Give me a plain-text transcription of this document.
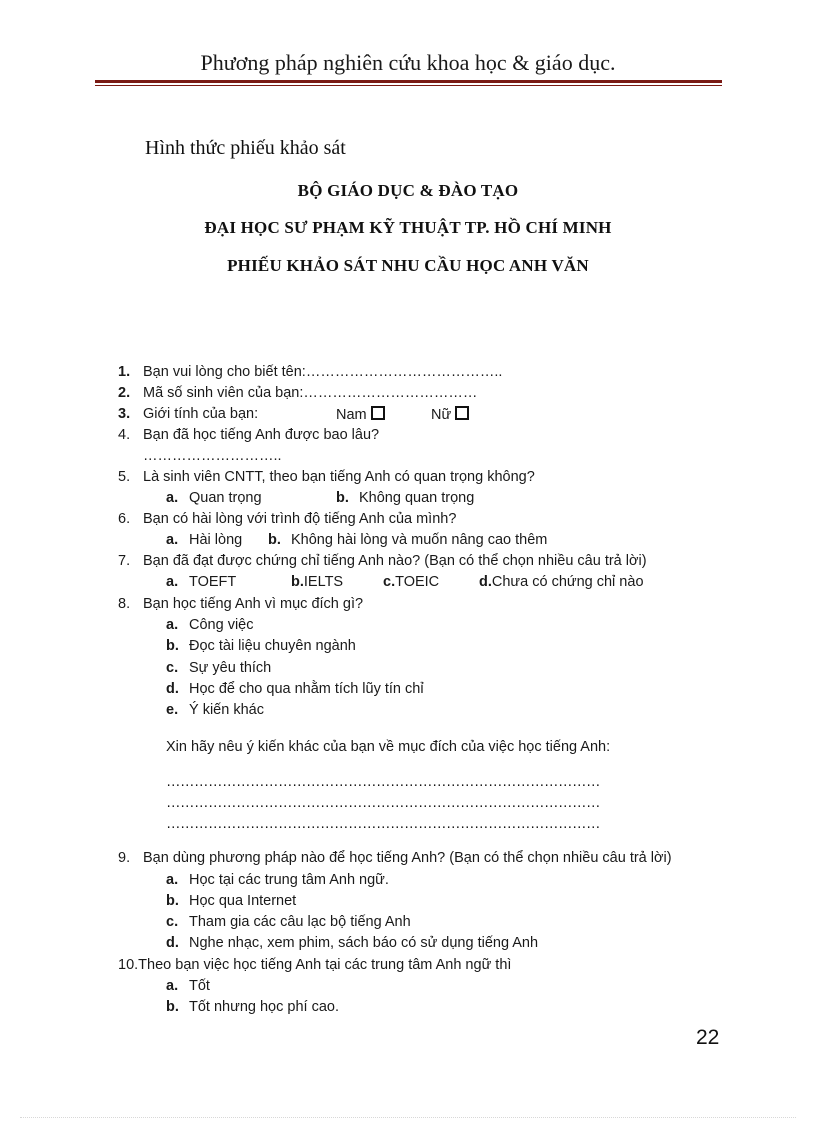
Phương pháp nghiên cứu khoa học & giáo dục.
Hình thức phiếu khảo sát
BỘ GIÁO DỤC & ĐÀO TẠO
ĐẠI HỌC SƯ PHẠM KỸ THUẬT TP. HỒ CHÍ MINH
PHIẾU KHẢO SÁT NHU CẦU HỌC ANH VĂN
1. Bạn vui lòng cho biết tên:…………………………………..
2. Mã số sinh viên của bạn:………………………………
3. Giới tính của bạn:	Nam	Nữ
4. Bạn đã học tiếng Anh được bao lâu?
………………………..
5. Là sinh viên CNTT, theo bạn tiếng Anh có quan trọng không?
a. Quan trọng	b. Không quan trọng
6. Bạn có hài lòng với trình độ tiếng Anh của mình?
a. Hài lòng b. Không hài lòng và muốn nâng cao thêm
7. Bạn đã đạt được chứng chỉ tiếng Anh nào? (Bạn có thể chọn nhiều câu trả lời)
a. TOEFT	b.IELTS	c.TOEIC	d.Chưa có chứng chỉ nào
8. Bạn học tiếng Anh vì mục đích gì?
a. Công việc
b. Đọc tài liệu chuyên ngành
c. Sự yêu thích
d. Học để cho qua nhằm tích lũy tín chỉ
e. Ý kiến khác
Xin hãy nêu ý kiến khác của bạn về mục đích của việc học tiếng Anh:
…………………………………………………………………………………
…………………………………………………………………………………
…………………………………………………………………………………
9. Bạn dùng phương pháp nào để học tiếng Anh? (Bạn có thể chọn nhiều câu trả lời)
a. Học tại các trung tâm Anh ngữ.
b. Học qua Internet
c. Tham gia các câu lạc bộ tiếng Anh
d. Nghe nhạc, xem phim, sách báo có sử dụng tiếng Anh
10.Theo bạn việc học tiếng Anh tại các trung tâm Anh ngữ thì
a. Tốt
b. Tốt nhưng học phí cao.
22
